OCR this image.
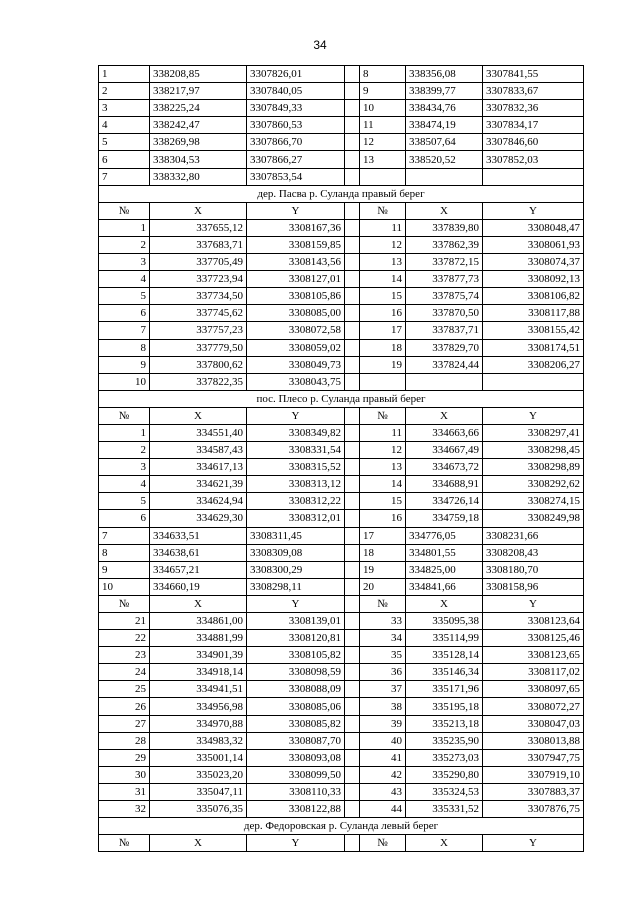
34
1	338208,85	3307826,01		8	338356,08	3307841,55
2	338217,97	3307840,05		9	338399,77	3307833,67
3	338225,24	3307849,33		10	338434,76	3307832,36
4	338242,47	3307860,53		11	338474,19	3307834,17
5	338269,98	3307866,70		12	338507,64	3307846,60
6	338304,53	3307866,27		13	338520,52	3307852,03
7	338332,80	3307853,54				
дер. Пасва р. Суланда правый берег						
№	X	Y		№	X	Y
1	337655,12	3308167,36		11	337839,80	3308048,47
2	337683,71	3308159,85		12	337862,39	3308061,93
3	337705,49	3308143,56		13	337872,15	3308074,37
4	337723,94	3308127,01		14	337877,73	3308092,13
5	337734,50	3308105,86		15	337875,74	3308106,82
6	337745,62	3308085,00		16	337870,50	3308117,88
7	337757,23	3308072,58		17	337837,71	3308155,42
8	337779,50	3308059,02		18	337829,70	3308174,51
9	337800,62	3308049,73		19	337824,44	3308206,27
10	337822,35	3308043,75				
пос. Плесо р. Суланда правый берег						
№	X	Y		№	X	Y
1	334551,40	3308349,82		11	334663,66	3308297,41
2	334587,43	3308331,54		12	334667,49	3308298,45
3	334617,13	3308315,52		13	334673,72	3308298,89
4	334621,39	3308313,12		14	334688,91	3308292,62
5	334624,94	3308312,22		15	334726,14	3308274,15
6	334629,30	3308312,01		16	334759,18	3308249,98
7	334633,51	3308311,45		17	334776,05	3308231,66
8	334638,61	3308309,08		18	334801,55	3308208,43
9	334657,21	3308300,29		19	334825,00	3308180,70
10	334660,19	3308298,11		20	334841,66	3308158,96
№	X	Y		№	X	Y
21	334861,00	3308139,01		33	335095,38	3308123,64
22	334881,99	3308120,81		34	335114,99	3308125,46
23	334901,39	3308105,82		35	335128,14	3308123,65
24	334918,14	3308098,59		36	335146,34	3308117,02
25	334941,51	3308088,09		37	335171,96	3308097,65
26	334956,98	3308085,06		38	335195,18	3308072,27
27	334970,88	3308085,82		39	335213,18	3308047,03
28	334983,32	3308087,70		40	335235,90	3308013,88
29	335001,14	3308093,08		41	335273,03	3307947,75
30	335023,20	3308099,50		42	335290,80	3307919,10
31	335047,11	3308110,33		43	335324,53	3307883,37
32	335076,35	3308122,88		44	335331,52	3307876,75
дер. Федоровская р. Суланда левый берег						
№	X	Y		№	X	Y
